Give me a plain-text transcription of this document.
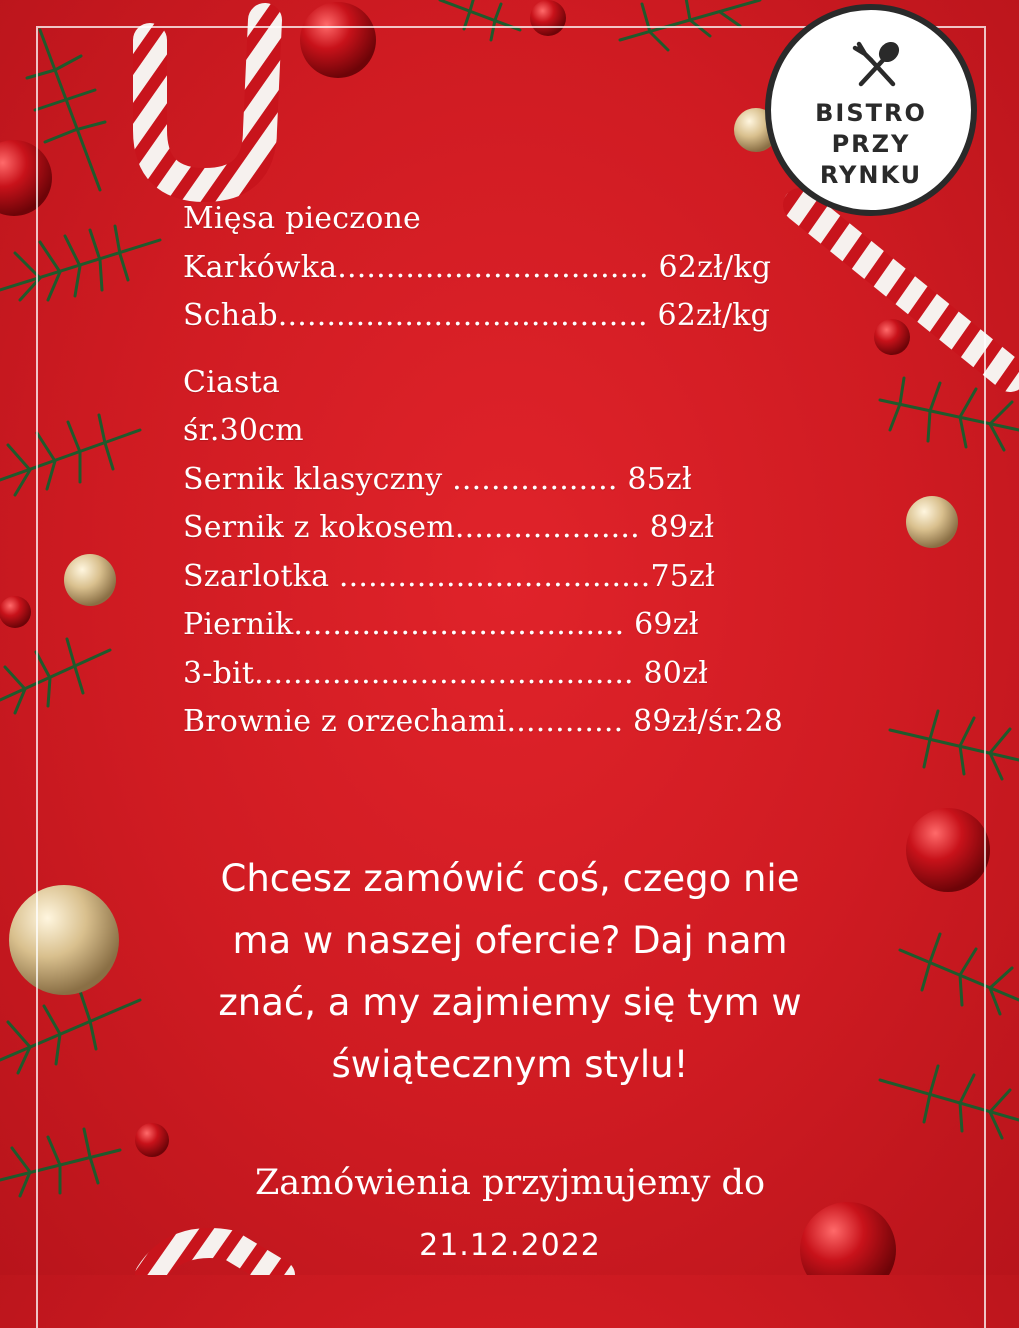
BISTRO
PRZY
RYNKU
Mięsa pieczone
Karkówka................................ 62zł/kg
Schab...................................... 62zł/kg
Ciasta
śr.30cm
Sernik klasyczny ................. 85zł
Sernik z kokosem................... 89zł
Szarlotka ................................75zł
Piernik.................................. 69zł
3-bit....................................... 80zł
Brownie z orzechami............ 89zł/śr.28
Chcesz zamówić coś, czego nie
ma w naszej ofercie? Daj nam
znać, a my zajmiemy się tym w
świątecznym stylu!
Zamówienia przyjmujemy do
21.12.2022
